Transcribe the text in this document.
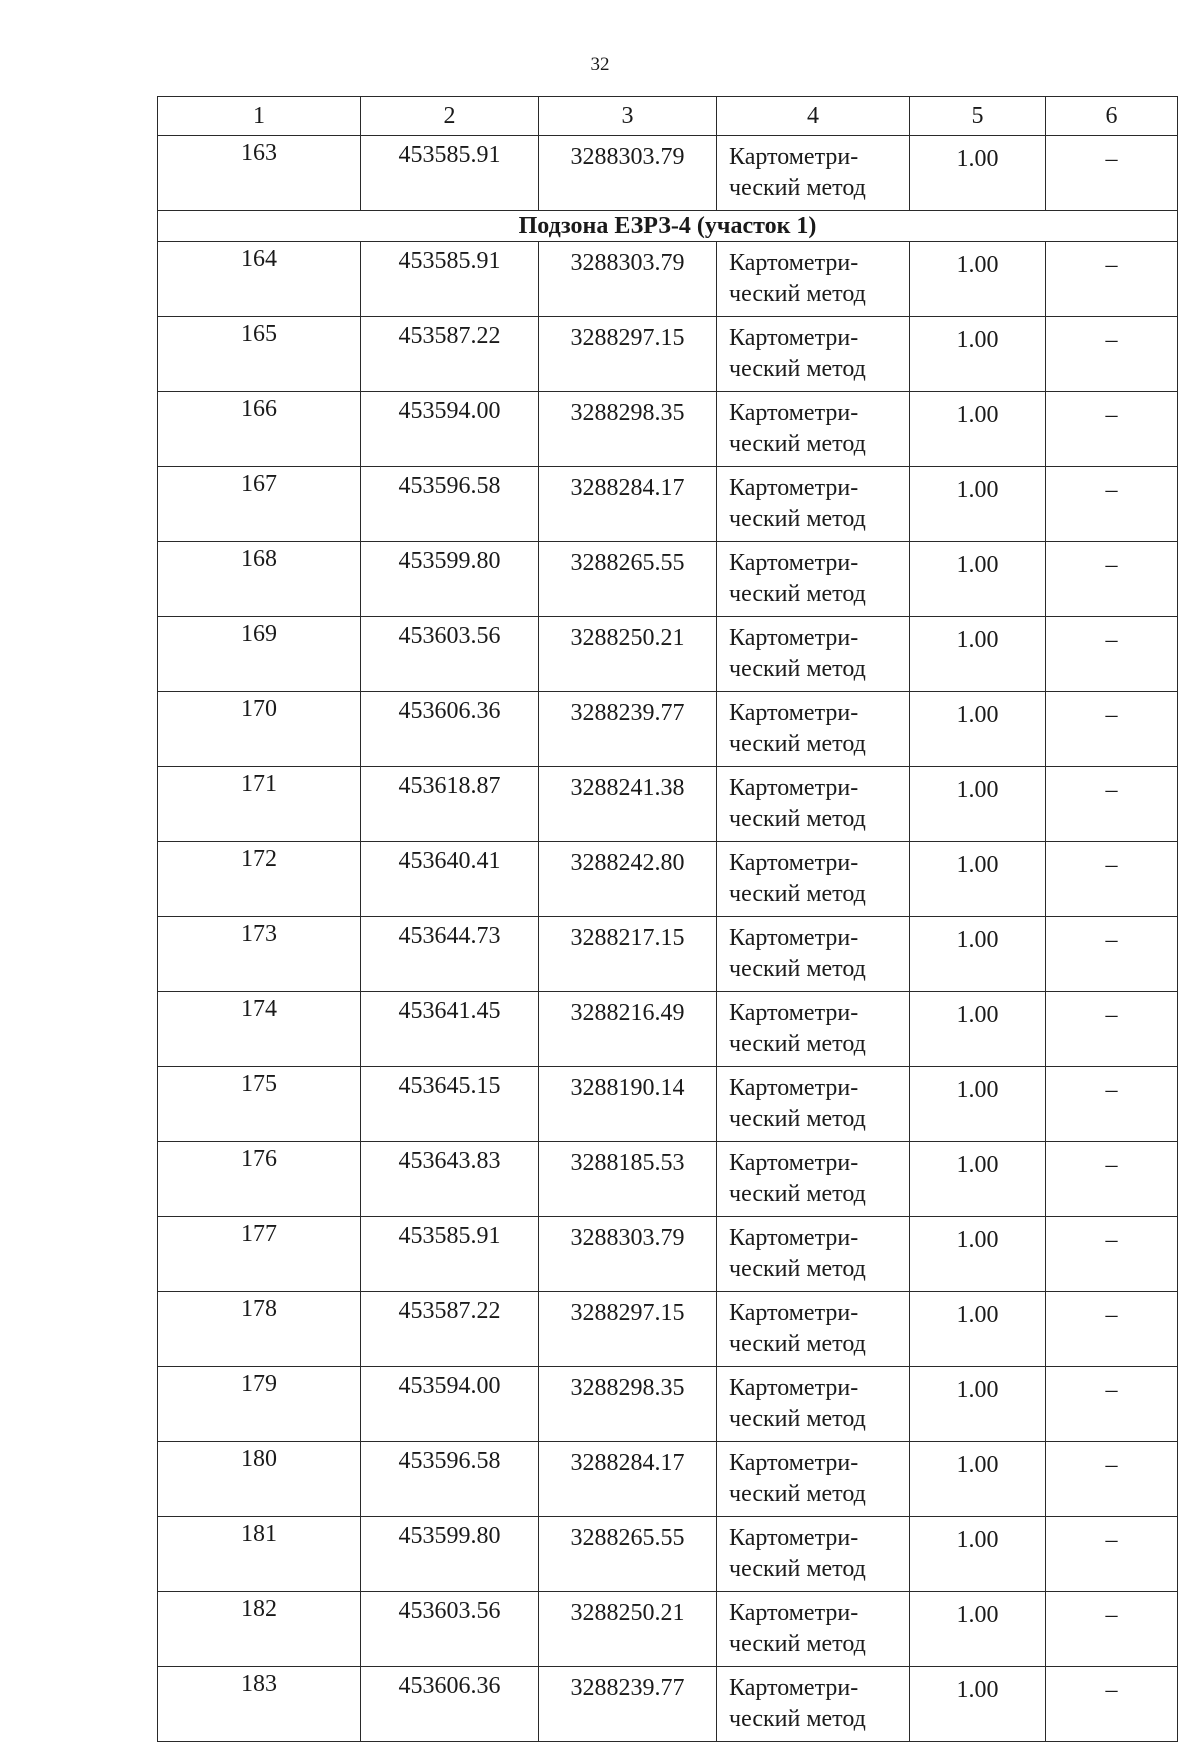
32
1	2	3	4	5	6
163	453585.91	3288303.79	Картометри-
ческий метод	1.00	–
Подзона ЕЗРЗ-4 (участок 1)					
164	453585.91	3288303.79	Картометри-
ческий метод	1.00	–
165	453587.22	3288297.15	Картометри-
ческий метод	1.00	–
166	453594.00	3288298.35	Картометри-
ческий метод	1.00	–
167	453596.58	3288284.17	Картометри-
ческий метод	1.00	–
168	453599.80	3288265.55	Картометри-
ческий метод	1.00	–
169	453603.56	3288250.21	Картометри-
ческий метод	1.00	–
170	453606.36	3288239.77	Картометри-
ческий метод	1.00	–
171	453618.87	3288241.38	Картометри-
ческий метод	1.00	–
172	453640.41	3288242.80	Картометри-
ческий метод	1.00	–
173	453644.73	3288217.15	Картометри-
ческий метод	1.00	–
174	453641.45	3288216.49	Картометри-
ческий метод	1.00	–
175	453645.15	3288190.14	Картометри-
ческий метод	1.00	–
176	453643.83	3288185.53	Картометри-
ческий метод	1.00	–
177	453585.91	3288303.79	Картометри-
ческий метод	1.00	–
178	453587.22	3288297.15	Картометри-
ческий метод	1.00	–
179	453594.00	3288298.35	Картометри-
ческий метод	1.00	–
180	453596.58	3288284.17	Картометри-
ческий метод	1.00	–
181	453599.80	3288265.55	Картометри-
ческий метод	1.00	–
182	453603.56	3288250.21	Картометри-
ческий метод	1.00	–
183	453606.36	3288239.77	Картометри-
ческий метод	1.00	–
